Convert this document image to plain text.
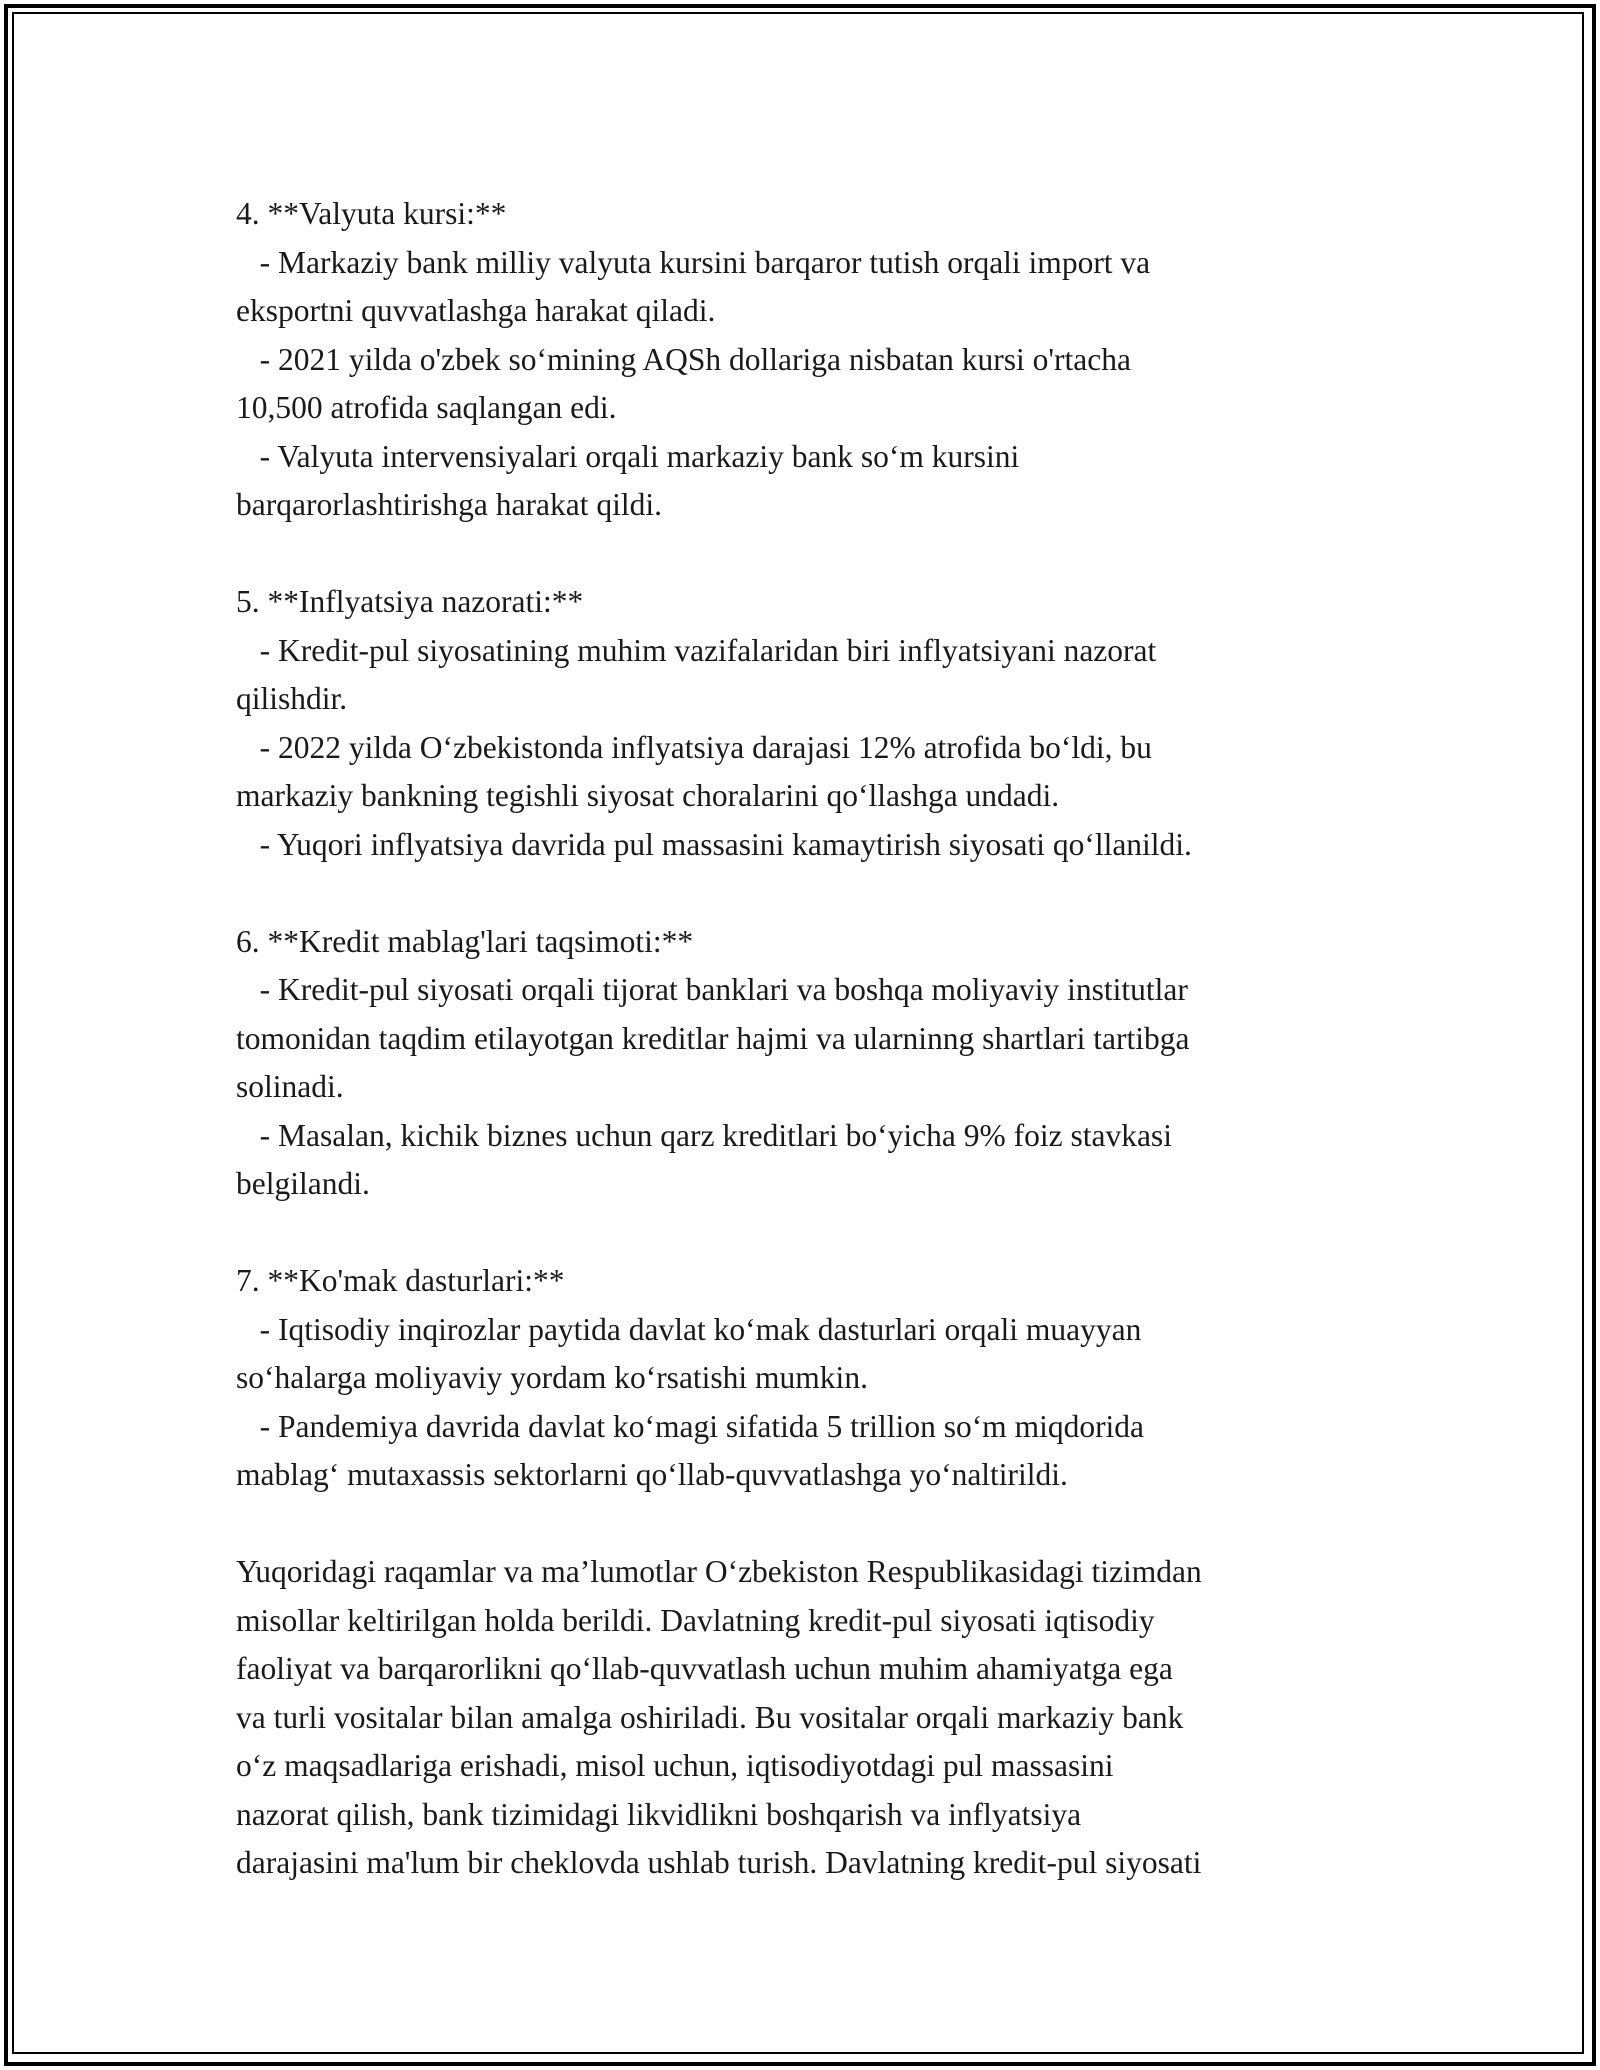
4. **Valyuta kursi:**
- Markaziy bank milliy valyuta kursini barqaror tutish orqali import va
eksportni quvvatlashga harakat qiladi.
- 2021 yilda o'zbek so‘mining AQSh dollariga nisbatan kursi o'rtacha
10,500 atrofida saqlangan edi.
- Valyuta intervensiyalari orqali markaziy bank so‘m kursini
barqarorlashtirishga harakat qildi.
5. **Inflyatsiya nazorati:**
- Kredit-pul siyosatining muhim vazifalaridan biri inflyatsiyani nazorat
qilishdir.
- 2022 yilda O‘zbekistonda inflyatsiya darajasi 12% atrofida bo‘ldi, bu
markaziy bankning tegishli siyosat choralarini qo‘llashga undadi.
- Yuqori inflyatsiya davrida pul massasini kamaytirish siyosati qo‘llanildi.
6. **Kredit mablag'lari taqsimoti:**
- Kredit-pul siyosati orqali tijorat banklari va boshqa moliyaviy institutlar
tomonidan taqdim etilayotgan kreditlar hajmi va ularninng shartlari tartibga
solinadi.
- Masalan, kichik biznes uchun qarz kreditlari bo‘yicha 9% foiz stavkasi
belgilandi.
7. **Ko'mak dasturlari:**
- Iqtisodiy inqirozlar paytida davlat ko‘mak dasturlari orqali muayyan
so‘halarga moliyaviy yordam ko‘rsatishi mumkin.
- Pandemiya davrida davlat ko‘magi sifatida 5 trillion so‘m miqdorida
mablag‘ mutaxassis sektorlarni qo‘llab-quvvatlashga yo‘naltirildi.
Yuqoridagi raqamlar va ma’lumotlar O‘zbekiston Respublikasidagi tizimdan
misollar keltirilgan holda berildi. Davlatning kredit-pul siyosati iqtisodiy
faoliyat va barqarorlikni qo‘llab-quvvatlash uchun muhim ahamiyatga ega
va turli vositalar bilan amalga oshiriladi. Bu vositalar orqali markaziy bank
o‘z maqsadlariga erishadi, misol uchun, iqtisodiyotdagi pul massasini
nazorat qilish, bank tizimidagi likvidlikni boshqarish va inflyatsiya
darajasini ma'lum bir cheklovda ushlab turish. Davlatning kredit-pul siyosati
